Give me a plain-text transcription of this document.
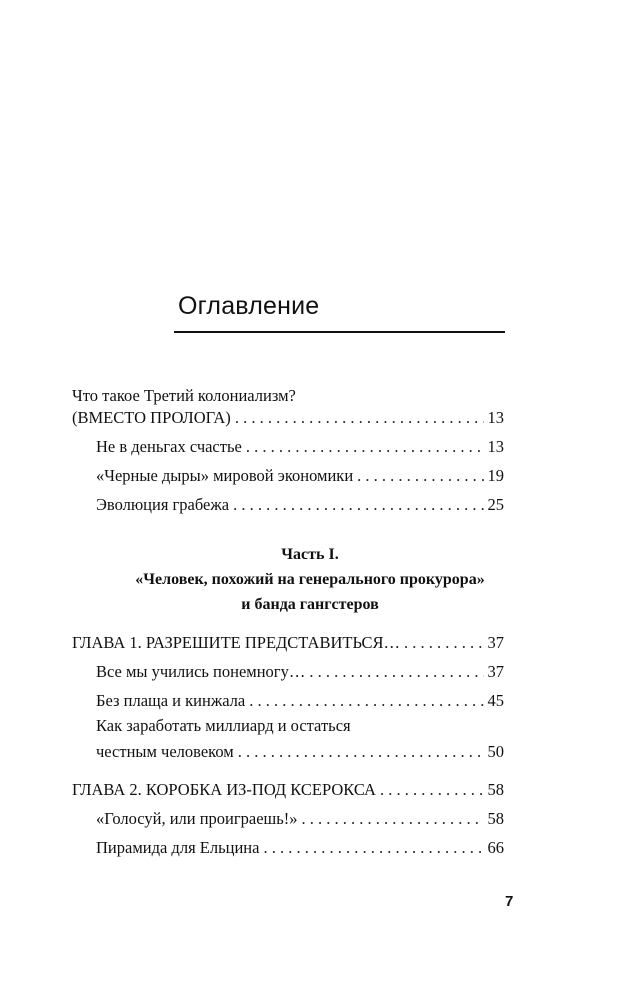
Оглавление
Что такое Третий колониализм?
(ВМЕСТО ПРОЛОГА) . . .	13
Не в деньгах счастье . . .	13
«Черные дыры» мировой экономики . . .	19
Эволюция грабежа . . .	25
Часть I.
«Человек, похожий на генерального прокурора»
и банда гангстеров
ГЛАВА 1. РАЗРЕШИТЕ ПРЕДСТАВИТЬСЯ… . . .	37
Все мы учились понемногу… . . .	37
Без плаща и кинжала . . .	45
Как заработать миллиард и остаться
честным человеком . . .	50
ГЛАВА 2. КОРОБКА ИЗ-ПОД КСЕРОКСА . . .	58
«Голосуй, или проиграешь!» . . .	58
Пирамида для Ельцина . . .	66
7
